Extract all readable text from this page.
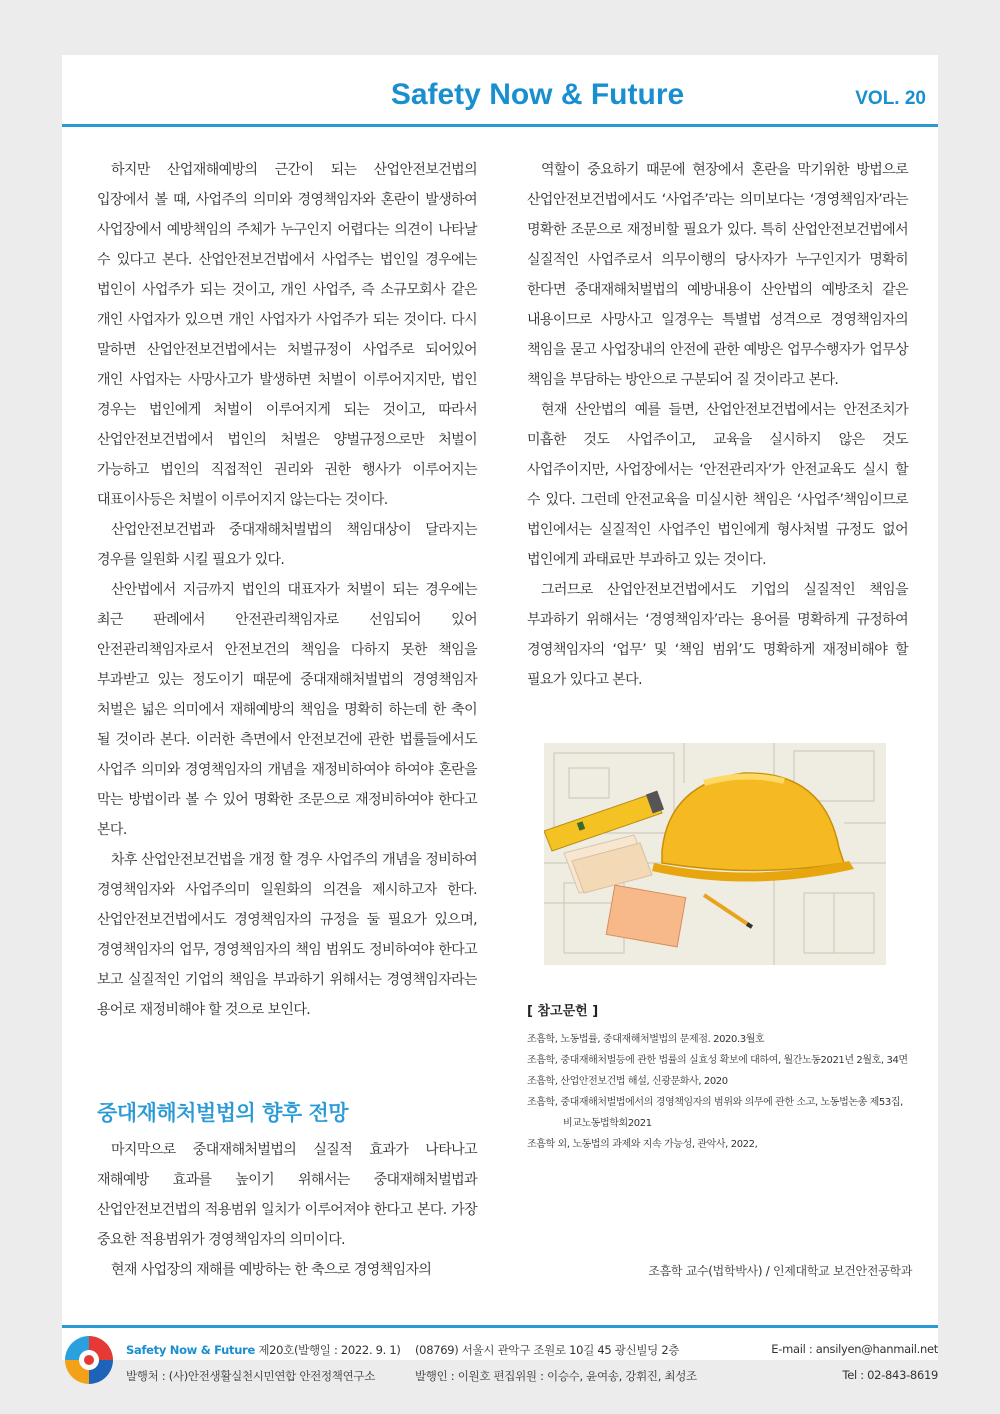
Safety Now & Future	VOL. 20

하지만 산업재해예방의 근간이 되는 산업안전보건법의 입장에서 볼 때, 사업주의 의미와 경영책임자와 혼란이 발생하여 사업장에서 예방책임의 주체가 누구인지 어렵다는 의견이 나타날 수 있다고 본다. 산업안전보건법에서 사업주는 법인일 경우에는 법인이 사업주가 되는 것이고, 개인 사업주, 즉 소규모회사 같은 개인 사업자가 있으면 개인 사업자가 사업주가 되는 것이다. 다시 말하면 산업안전보건법에서는 처벌규정이 사업주로 되어있어 개인 사업자는 사망사고가 발생하면 처벌이 이루어지지만, 법인 경우는 법인에게 처벌이 이루어지게 되는 것이고, 따라서 산업안전보건법에서 법인의 처벌은 양벌규정으로만 처벌이 가능하고 법인의 직접적인 권리와 권한 행사가 이루어지는 대표이사등은 처벌이 이루어지지 않는다는 것이다.

산업안전보건법과 중대재해처벌법의 책임대상이 달라지는 경우를 일원화 시킬 필요가 있다.

산안법에서 지금까지 법인의 대표자가 처벌이 되는 경우에는 최근 판례에서 안전관리책임자로 선임되어 있어 안전관리책임자로서 안전보건의 책임을 다하지 못한 책임을 부과받고 있는 정도이기 때문에 중대재해처벌법의 경영책임자 처벌은 넓은 의미에서 재해예방의 책임을 명확히 하는데 한 축이 될 것이라 본다. 이러한 측면에서 안전보건에 관한 법률들에서도 사업주 의미와 경영책임자의 개념을 재정비하여야 하여야 혼란을 막는 방법이라 볼 수 있어 명확한 조문으로 재정비하여야 한다고 본다.

차후 산업안전보건법을 개정 할 경우 사업주의 개념을 정비하여 경영책임자와 사업주의미 일원화의 의견을 제시하고자 한다. 산업안전보건법에서도 경영책임자의 규정을 둘 필요가 있으며, 경영책임자의 업무, 경영책임자의 책임 범위도 정비하여야 한다고 보고 실질적인 기업의 책임을 부과하기 위해서는 경영책임자라는 용어로 재정비해야 할 것으로 보인다.

중대재해처벌법의 향후 전망

마지막으로 중대재해처벌법의 실질적 효과가 나타나고 재해예방 효과를 높이기 위해서는 중대재해처벌법과 산업안전보건법의 적용범위 일치가 이루어져야 한다고 본다. 가장 중요한 적용범위가 경영책임자의 의미이다.

현재 사업장의 재해를 예방하는 한 축으로 경영책임자의

역할이 중요하기 때문에 현장에서 혼란을 막기위한 방법으로 산업안전보건법에서도 ‘사업주’라는 의미보다는 ‘경영책임자’라는 명확한 조문으로 재정비할 필요가 있다. 특히 산업안전보건법에서 실질적인 사업주로서 의무이행의 당사자가 누구인지가 명확히 한다면 중대재해처벌법의 예방내용이 산안법의 예방조치 같은 내용이므로 사망사고 일경우는 특별법 성격으로 경영책임자의 책임을 묻고 사업장내의 안전에 관한 예방은 업무수행자가 업무상 책임을 부담하는 방안으로 구분되어 질 것이라고 본다.

현재 산안법의 예를 들면, 산업안전보건법에서는 안전조치가 미흡한 것도 사업주이고, 교육을 실시하지 않은 것도 사업주이지만, 사업장에서는 ‘안전관리자’가 안전교육도 실시 할 수 있다. 그런데 안전교육을 미실시한 책임은 ‘사업주’책임이므로 법인에서는 실질적인 사업주인 법인에게 형사처벌 규정도 없어 법인에게 과태료만 부과하고 있는 것이다.

그러므로 산업안전보건법에서도 기업의 실질적인 책임을 부과하기 위해서는 ‘경영책임자’라는 용어를 명확하게 규정하여 경영책임자의 ‘업무’ 및 ‘책임 범위’도 명확하게 재정비해야 할 필요가 있다고 본다.

[ 참고문헌 ]
조흠학, 노동법률, 중대재해처벌법의 문제점. 2020.3월호
조흠학, 중대재해처벌등에 관한 법률의 실효성 확보에 대하여, 월간노동2021년 2월호, 34면
조흠학, 산업안전보건법 해설, 신광문화사, 2020
조흠학, 중대재해처벌법에서의 경영책임자의 범위와 의무에 관한 소고, 노동법논총 제53집, 비교노동법학회2021
조흠학 외, 노동법의 과제와 지속 가능성, 관악사, 2022,
조흠학 교수(법학박사) / 인제대학교 보건안전공학과
Safety Now & Future 제20호(발행일 : 2022. 9. 1)
발행처 : (사)안전생활실천시민연합 안전정책연구소
(08769) 서울시 관악구 조원로 10길 45 광신빌딩 2층
발행인 : 이원호 편집위원 : 이승수, 윤여송, 강휘진, 최성조
E-mail : ansilyen@hanmail.net
Tel : 02-843-8619
